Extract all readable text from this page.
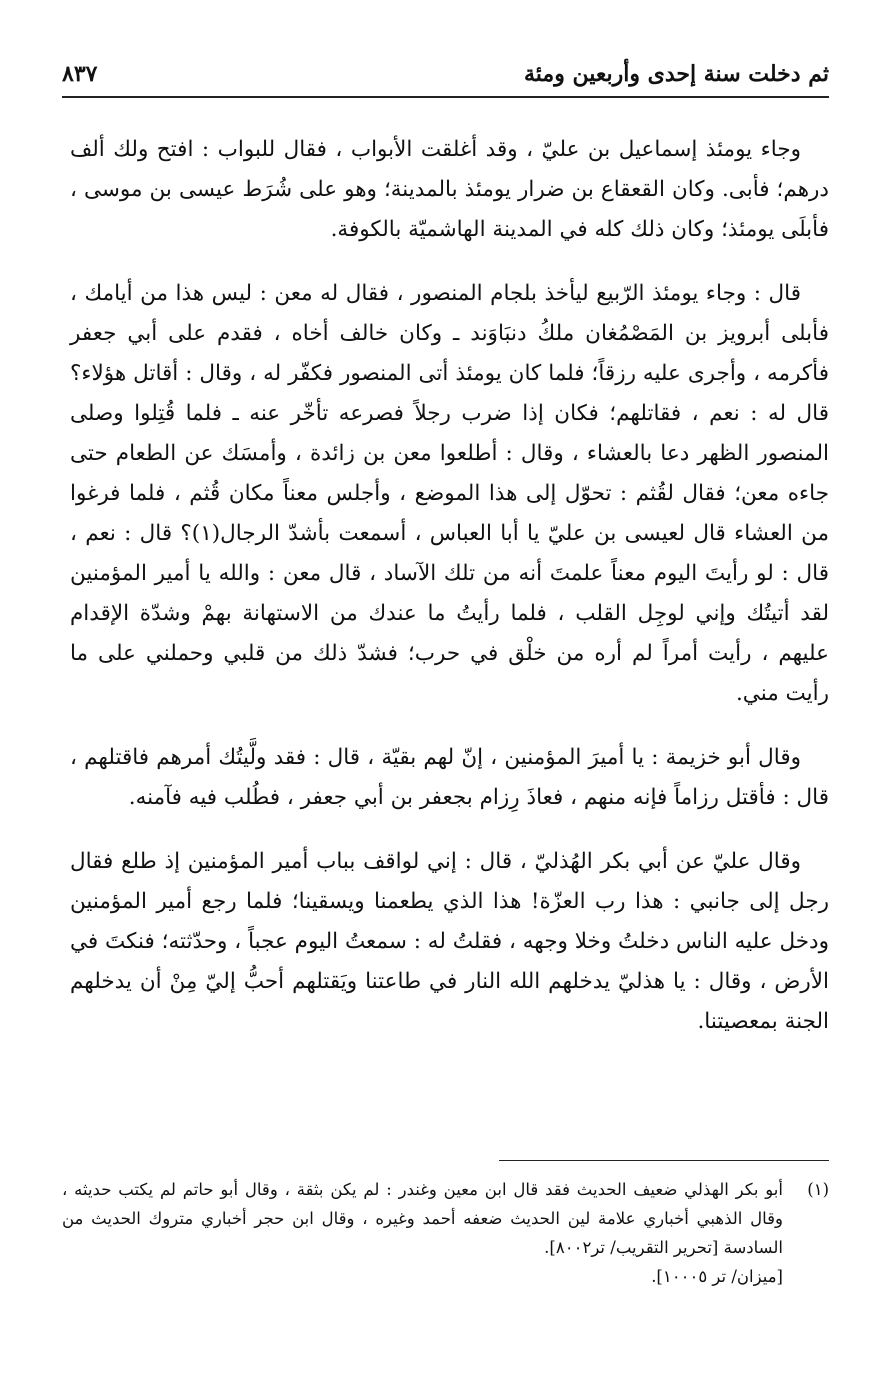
ثم دخلت سنة إحدى وأربعين ومئة
٨٣٧

وجاء يومئذ إسماعيل بن عليّ ، وقد أغلقت الأبواب ، فقال للبواب : افتح ولك ألف درهم؛ فأبى. وكان القعقاع بن ضرار يومئذ بالمدينة؛ وهو على شُرَط عيسى بن موسى ، فأبلَى يومئذ؛ وكان ذلك كله في المدينة الهاشميّة بالكوفة.

قال : وجاء يومئذ الرّبيع ليأخذ بلجام المنصور ، فقال له معن : ليس هذا من أيامك ، فأبلى أبرويز بن المَصْمُغان ملكُ دنبَاوَند ـ وكان خالف أخاه ، فقدم على أبي جعفر فأكرمه ، وأجرى عليه رزقاً؛ فلما كان يومئذ أتى المنصور فكفّر له ، وقال : أقاتل هؤلاء؟ قال له : نعم ، فقاتلهم؛ فكان إذا ضرب رجلاً فصرعه تأخّر عنه ـ فلما قُتِلوا وصلى المنصور الظهر دعا بالعشاء ، وقال : أطلعوا معن بن زائدة ، وأمسَك عن الطعام حتى جاءه معن؛ فقال لقُثم : تحوّل إلى هذا الموضع ، وأجلس معناً مكان قُثم ، فلما فرغوا من العشاء قال لعيسى بن عليّ يا أبا العباس ، أسمعت بأشدّ الرجال(١)؟ قال : نعم ، قال : لو رأيتَ اليوم معناً علمتَ أنه من تلك الآساد ، قال معن : والله يا أمير المؤمنين لقد أتيتُك وإني لوجِل القلب ، فلما رأيتُ ما عندك من الاستهانة بهمْ وشدّة الإقدام عليهم ، رأيت أمراً لم أره من خلْق في حرب؛ فشدّ ذلك من قلبي وحملني على ما رأيت مني.

وقال أبو خزيمة : يا أميرَ المؤمنين ، إنّ لهم بقيّة ، قال : فقد ولَّيتُك أمرهم فاقتلهم ، قال : فأقتل رزاماً فإنه منهم ، فعاذَ رِزام بجعفر بن أبي جعفر ، فطُلب فيه فآمنه.

وقال عليّ عن أبي بكر الهُذليّ ، قال : إني لواقف بباب أمير المؤمنين إذ طلع فقال رجل إلى جانبي : هذا رب العزّة! هذا الذي يطعمنا ويسقينا؛ فلما رجع أمير المؤمنين ودخل عليه الناس دخلتُ وخلا وجهه ، فقلتُ له : سمعتُ اليوم عجباً ، وحدّثته؛ فنكتَ في الأرض ، وقال : يا هذليّ يدخلهم الله النار في طاعتنا ويَقتلهم أحبُّ إليّ مِنْ أن يدخلهم الجنة بمعصيتنا.

(١)
أبو بكر الهذلي ضعيف الحديث فقد قال ابن معين وغندر : لم يكن بثقة ، وقال أبو حاتم لم يكتب حديثه ، وقال الذهبي أخباري علامة لين الحديث ضعفه أحمد وغيره ، وقال ابن حجر أخباري متروك الحديث من السادسة [تحرير التقريب/ تر٨٠٠٢].
[ميزان/ تر ١٠٠٠٥].
